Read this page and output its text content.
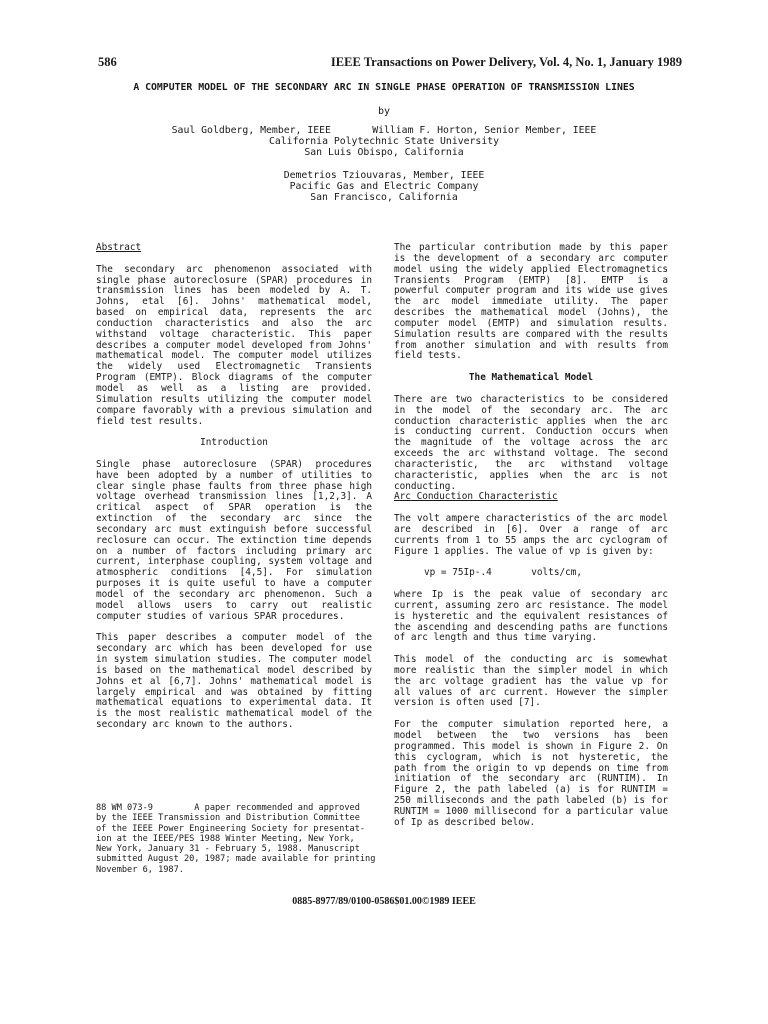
586	IEEE Transactions on Power Delivery, Vol. 4, No. 1, January 1989
A COMPUTER MODEL OF THE SECONDARY ARC IN SINGLE PHASE OPERATION OF TRANSMISSION LINES
by
Saul Goldberg, Member, IEEE       William F. Horton, Senior Member, IEEE
California Polytechnic State University
San Luis Obispo, California
Demetrios Tziouvaras, Member, IEEE
Pacific Gas and Electric Company
San Francisco, California
Abstract

The secondary arc phenomenon associated with single phase autoreclosure (SPAR) procedures in transmission lines has been modeled by A. T. Johns, etal [6]. Johns' mathematical model, based on empirical data, represents the arc conduction characteristics and also the arc withstand voltage characteristic. This paper describes a computer model developed from Johns' mathematical model. The computer model utilizes the widely used Electromagnetic Transients Program (EMTP). Block diagrams of the computer model as well as a listing are provided. Simulation results utilizing the computer model compare favorably with a previous simulation and field test results.

Introduction

Single phase autoreclosure (SPAR) procedures have been adopted by a number of utilities to clear single phase faults from three phase high voltage overhead transmission lines [1,2,3]. A critical aspect of SPAR operation is the extinction of the secondary arc since the secondary arc must extinguish before successful reclosure can occur. The extinction time depends on a number of factors including primary arc current, interphase coupling, system voltage and atmospheric conditions [4,5]. For simulation purposes it is quite useful to have a computer model of the secondary arc phenomenon. Such a model allows users to carry out realistic computer studies of various SPAR procedures.

This paper describes a computer model of the secondary arc which has been developed for use in system simulation studies. The computer model is based on the mathematical model described by Johns et al [6,7]. Johns' mathematical model is largely empirical and was obtained by fitting mathematical equations to experimental data. It is the most realistic mathematical model of the secondary arc known to the authors.

88 WM 073-9        A paper recommended and approved
by the IEEE Transmission and Distribution Committee
of the IEEE Power Engineering Society for presentat-
ion at the IEEE/PES 1988 Winter Meeting, New York,
New York, January 31 - February 5, 1988. Manuscript
submitted August 20, 1987; made available for printing
November 6, 1987.

The particular contribution made by this paper is the development of a secondary arc computer model using the widely applied Electromagnetics Transients Program (EMTP) [8]. EMTP is a powerful computer program and its wide use gives the arc model immediate utility. The paper describes the mathematical model (Johns), the computer model (EMTP) and simulation results. Simulation results are compared with the results from another simulation and with results from field tests.

The Mathematical Model

There are two characteristics to be considered in the model of the secondary arc. The arc conduction characteristic applies when the arc is conducting current. Conduction occurs when the magnitude of the voltage across the arc exceeds the arc withstand voltage. The second characteristic, the arc withstand voltage characteristic, applies when the arc is not conducting.

Arc Conduction Characteristic

The volt ampere characteristics of the arc model are described in [6]. Over a range of arc currents from 1 to 55 amps the arc cyclogram of Figure 1 applies. The value of vp is given by:

vp = 75Ip-.4       volts/cm,

where Ip is the peak value of secondary arc current, assuming zero arc resistance. The model is hysteretic and the equivalent resistances of the ascending and descending paths are functions of arc length and thus time varying.

This model of the conducting arc is somewhat more realistic than the simpler model in which the arc voltage gradient has the value vp for all values of arc current. However the simpler version is often used [7].

For the computer simulation reported here, a model between the two versions has been programmed. This model is shown in Figure 2. On this cyclogram, which is not hysteretic, the path from the origin to vp depends on time from initiation of the secondary arc (RUNTIM). In Figure 2, the path labeled (a) is for RUNTIM = 250 milliseconds and the path labeled (b) is for RUNTIM = 1000 millisecond for a particular value of Ip as described below.

0885-8977/89/0100-0586$01.00©1989 IEEE
